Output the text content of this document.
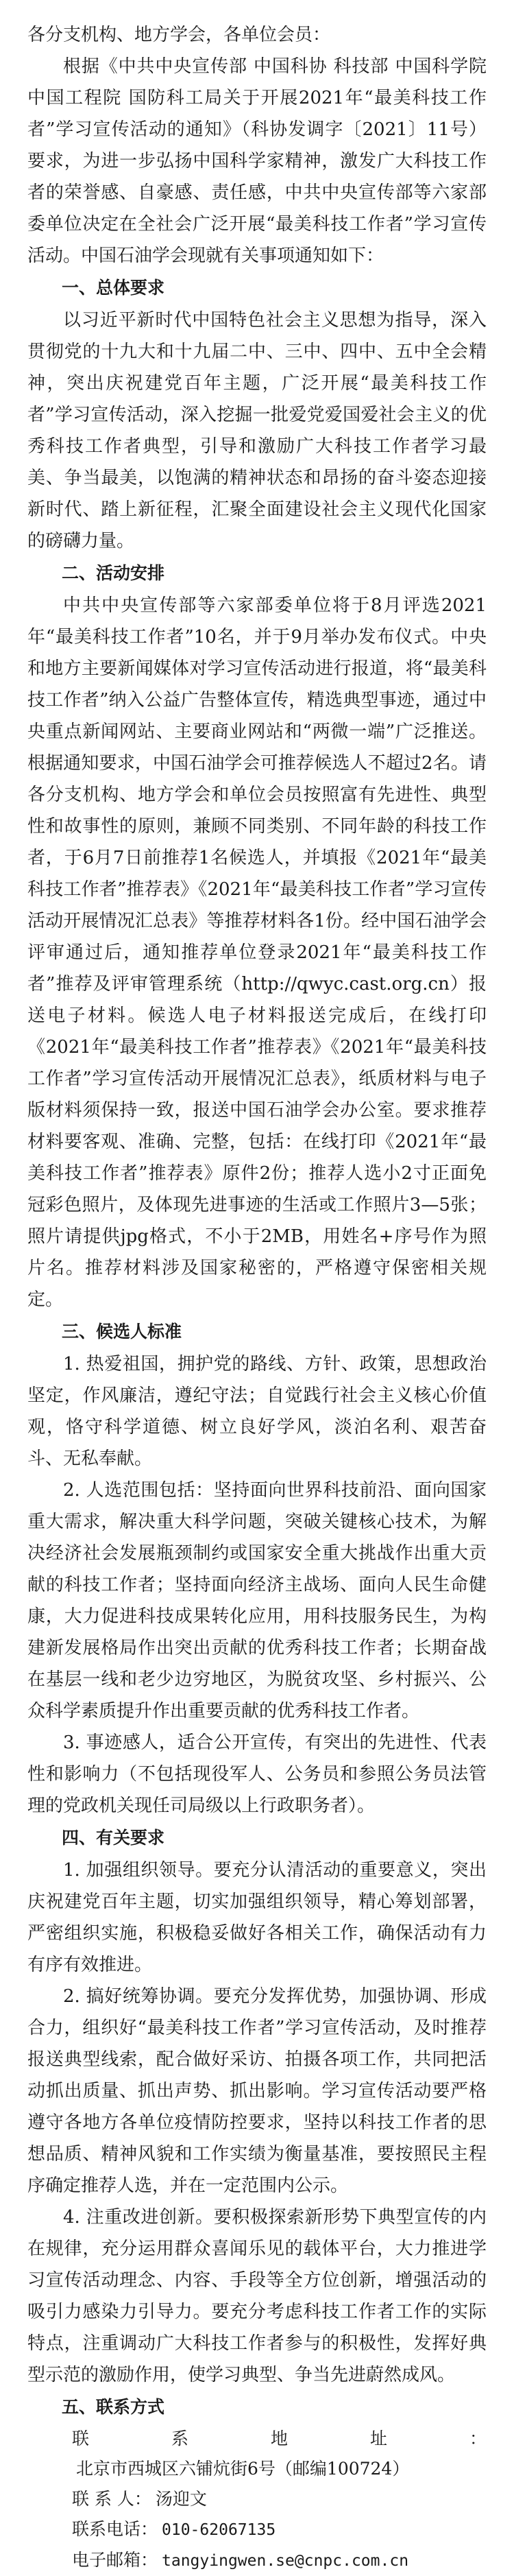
各分支机构、地方学会，各单位会员：

根据《中共中央宣传部 中国科协 科技部 中国科学院 中国工程院 国防科工局关于开展2021年“最美科技工作者”学习宣传活动的通知》（科协发调字〔2021〕11号）要求，为进一步弘扬中国科学家精神，激发广大科技工作者的荣誉感、自豪感、责任感，中共中央宣传部等六家部委单位决定在全社会广泛开展“最美科技工作者”学习宣传活动。中国石油学会现就有关事项通知如下：

一、总体要求

以习近平新时代中国特色社会主义思想为指导，深入贯彻党的十九大和十九届二中、三中、四中、五中全会精神，突出庆祝建党百年主题，广泛开展“最美科技工作者”学习宣传活动，深入挖掘一批爱党爱国爱社会主义的优秀科技工作者典型，引导和激励广大科技工作者学习最美、争当最美，以饱满的精神状态和昂扬的奋斗姿态迎接新时代、踏上新征程，汇聚全面建设社会主义现代化国家的磅礴力量。

二、活动安排

中共中央宣传部等六家部委单位将于8月评选2021年“最美科技工作者”10名，并于9月举办发布仪式。中央和地方主要新闻媒体对学习宣传活动进行报道，将“最美科技工作者”纳入公益广告整体宣传，精选典型事迹，通过中央重点新闻网站、主要商业网站和“两微一端”广泛推送。根据通知要求，中国石油学会可推荐候选人不超过2名。请各分支机构、地方学会和单位会员按照富有先进性、典型性和故事性的原则，兼顾不同类别、不同年龄的科技工作者，于6月7日前推荐1名候选人，并填报《2021年“最美科技工作者”推荐表》《2021年“最美科技工作者”学习宣传活动开展情况汇总表》等推荐材料各1份。经中国石油学会评审通过后，通知推荐单位登录2021年“最美科技工作者”推荐及评审管理系统（http://qwyc.cast.org.cn）报送电子材料。候选人电子材料报送完成后，在线打印《2021年“最美科技工作者”推荐表》《2021年“最美科技工作者”学习宣传活动开展情况汇总表》，纸质材料与电子版材料须保持一致，报送中国石油学会办公室。要求推荐材料要客观、准确、完整，包括：在线打印《2021年“最美科技工作者”推荐表》原件2份；推荐人选小2寸正面免冠彩色照片，及体现先进事迹的生活或工作照片3—5张；照片请提供jpg格式，不小于2MB，用姓名+序号作为照片名。推荐材料涉及国家秘密的，严格遵守保密相关规定。

三、候选人标准

1. 热爱祖国，拥护党的路线、方针、政策，思想政治坚定，作风廉洁，遵纪守法；自觉践行社会主义核心价值观，恪守科学道德、树立良好学风，淡泊名利、艰苦奋斗、无私奉献。

2. 人选范围包括：坚持面向世界科技前沿、面向国家重大需求，解决重大科学问题，突破关键核心技术，为解决经济社会发展瓶颈制约或国家安全重大挑战作出重大贡献的科技工作者；坚持面向经济主战场、面向人民生命健康，大力促进科技成果转化应用，用科技服务民生，为构建新发展格局作出突出贡献的优秀科技工作者；长期奋战在基层一线和老少边穷地区，为脱贫攻坚、乡村振兴、公众科学素质提升作出重要贡献的优秀科技工作者。

3. 事迹感人，适合公开宣传，有突出的先进性、代表性和影响力（不包括现役军人、公务员和参照公务员法管理的党政机关现任司局级以上行政职务者）。

四、有关要求

1. 加强组织领导。要充分认清活动的重要意义，突出庆祝建党百年主题，切实加强组织领导，精心筹划部署，严密组织实施，积极稳妥做好各相关工作，确保活动有力有序有效推进。

2. 搞好统筹协调。要充分发挥优势，加强协调、形成合力，组织好“最美科技工作者”学习宣传活动，及时推荐报送典型线索，配合做好采访、拍摄各项工作，共同把活动抓出质量、抓出声势、抓出影响。学习宣传活动要严格遵守各地方各单位疫情防控要求，坚持以科技工作者的思想品质、精神风貌和工作实绩为衡量基准，要按照民主程序确定推荐人选，并在一定范围内公示。

4. 注重改进创新。要积极探索新形势下典型宣传的内在规律，充分运用群众喜闻乐见的载体平台，大力推进学习宣传活动理念、内容、手段等全方位创新，增强活动的吸引力感染力引导力。要充分考虑科技工作者工作的实际特点，注重调动广大科技工作者参与的积极性，发挥好典型示范的激励作用，使学习典型、争当先进蔚然成风。

五、联系方式

联系地址：北京市西城区六铺炕街6号（邮编100724）

联 系 人： 汤迎文

联系电话： 010-62067135

电子邮箱： tangyingwen.se@cnpc.com.cn
